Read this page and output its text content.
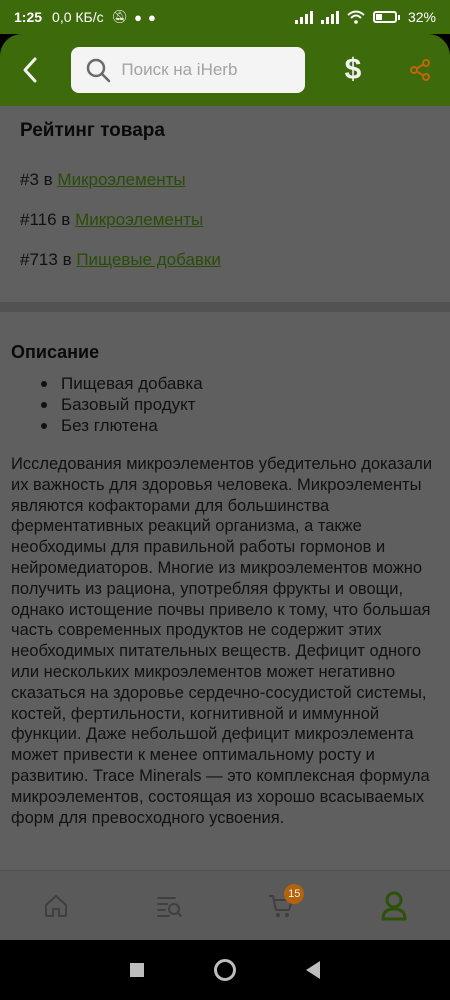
1:25 0,0 КБ/с 🔕︎ ● ●	32%
Поиск на iHerb	$
Рейтинг товара
#3 в Микроэлементы
#116 в Микроэлементы
#713 в Пищевые добавки
Описание
Пищевая добавка
Базовый продукт
Без глютена

Исследования микроэлементов убедительно доказали их важность для здоровья человека. Микроэлементы являются кофакторами для большинства ферментативных реакций организма, а также необходимы для правильной работы гормонов и нейромедиаторов. Многие из микроэлементов можно получить из рациона, употребляя фрукты и овощи, однако истощение почвы привело к тому, что большая часть современных продуктов не содержит этих необходимых питательных веществ. Дефицит одного или нескольких микроэлементов может негативно сказаться на здоровье сердечно-сосудистой системы, костей, фертильности, когнитивной и иммунной функции. Даже небольшой дефицит микроэлемента может привести к менее оптимальному росту и развитию. Trace Minerals — это комплексная формула микроэлементов, состоящая из хорошо всасываемых форм для превосходного усвоения.

15
